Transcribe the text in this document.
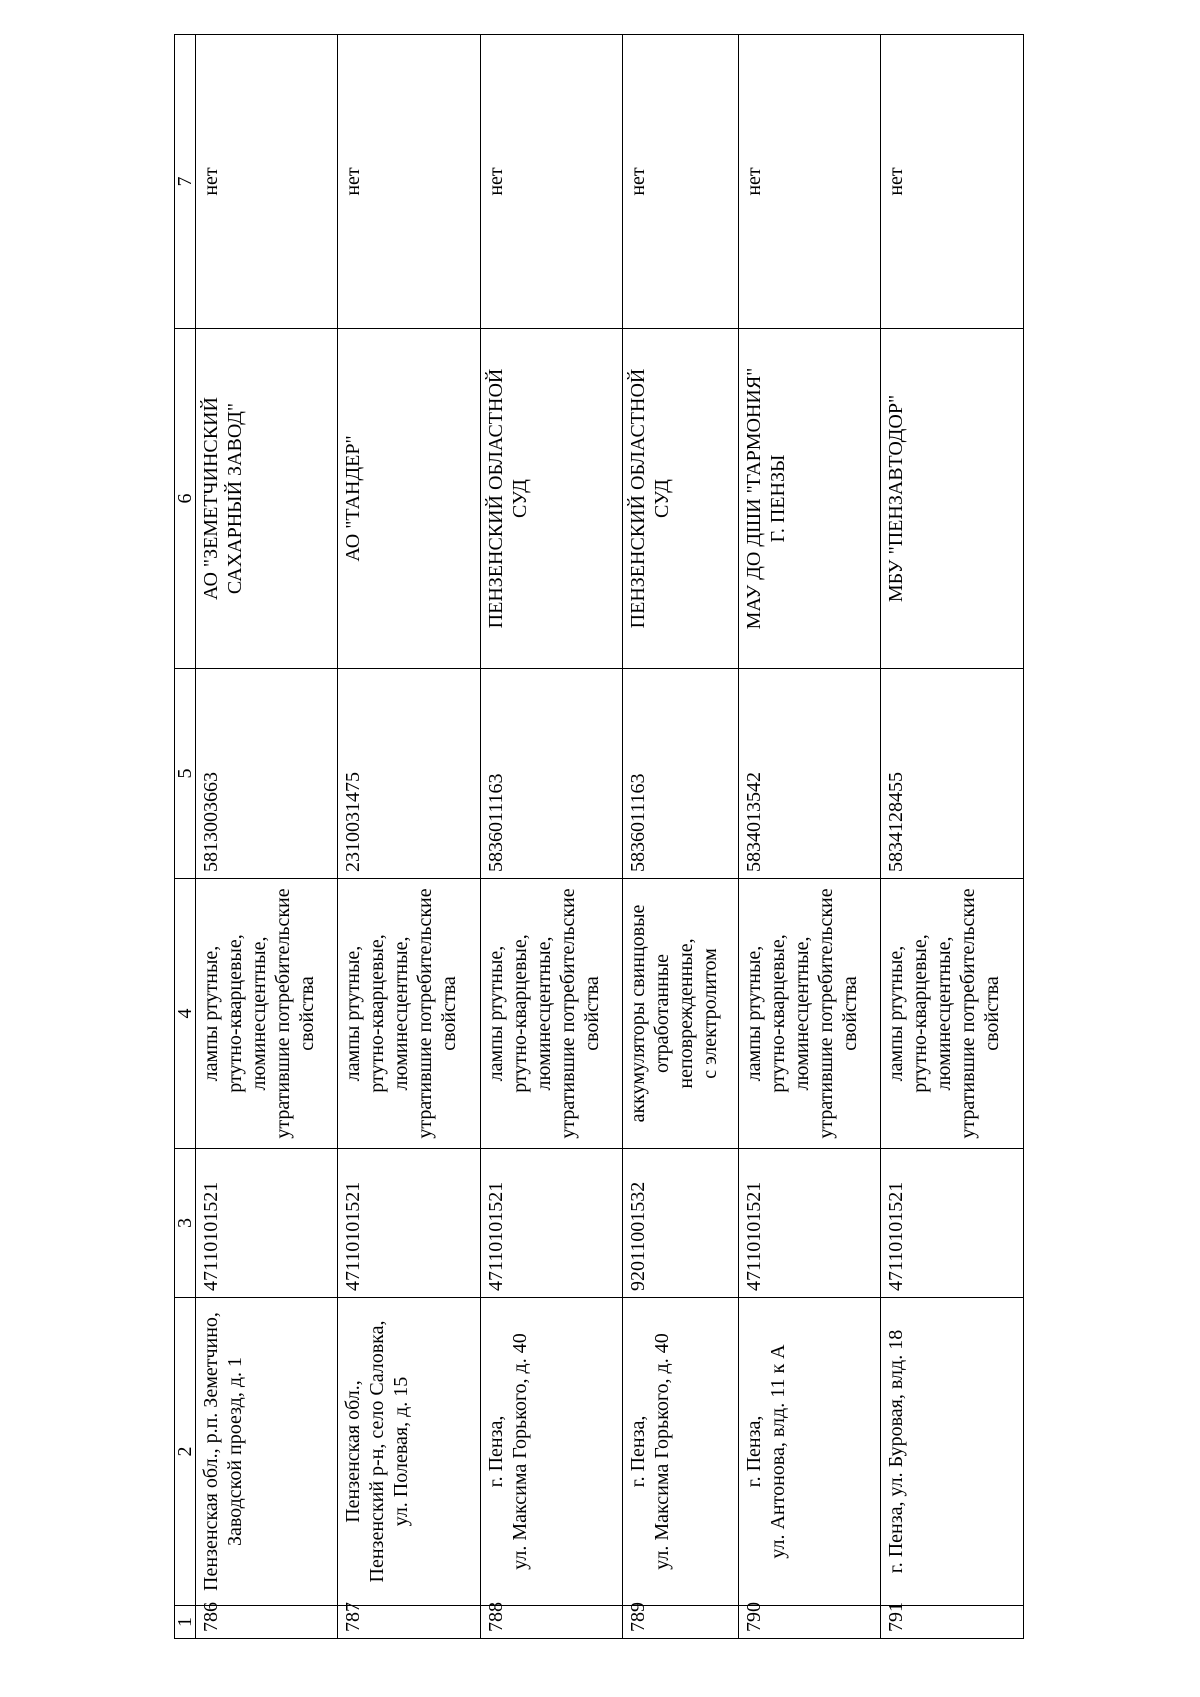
1	2	3	4	5	6	7
786	Пензенская обл., р.п. Земетчино,
Заводской проезд, д. 1	47110101521	лампы ртутные,
ртутно-кварцевые,
люминесцентные,
утратившие потребительские
свойства	5813003663	АО "ЗЕМЕТЧИНСКИЙ
САХАРНЫЙ ЗАВОД"	нет
787	Пензенская обл.,
Пензенский р-н, село Саловка,
ул. Полевая, д. 15	47110101521	лампы ртутные,
ртутно-кварцевые,
люминесцентные,
утратившие потребительские
свойства	2310031475	АО "ТАНДЕР"	нет
788	г. Пенза,
ул. Максима Горького, д. 40	47110101521	лампы ртутные,
ртутно-кварцевые,
люминесцентные,
утратившие потребительские
свойства	5836011163	ПЕНЗЕНСКИЙ ОБЛАСТНОЙ
СУД	нет
789	г. Пенза,
ул. Максима Горького, д. 40	92011001532	аккумуляторы свинцовые
отработанные
неповрежденные,
с электролитом	5836011163	ПЕНЗЕНСКИЙ ОБЛАСТНОЙ
СУД	нет
790	г. Пенза,
ул. Антонова, влд. 11 к А	47110101521	лампы ртутные,
ртутно-кварцевые,
люминесцентные,
утратившие потребительские
свойства	5834013542	МАУ ДО ДШИ "ГАРМОНИЯ"
Г. ПЕНЗЫ	нет
791	г. Пенза, ул. Буровая, влд. 18	47110101521	лампы ртутные,
ртутно-кварцевые,
люминесцентные,
утратившие потребительские
свойства	5834128455	МБУ "ПЕНЗАВТОДОР"	нет
